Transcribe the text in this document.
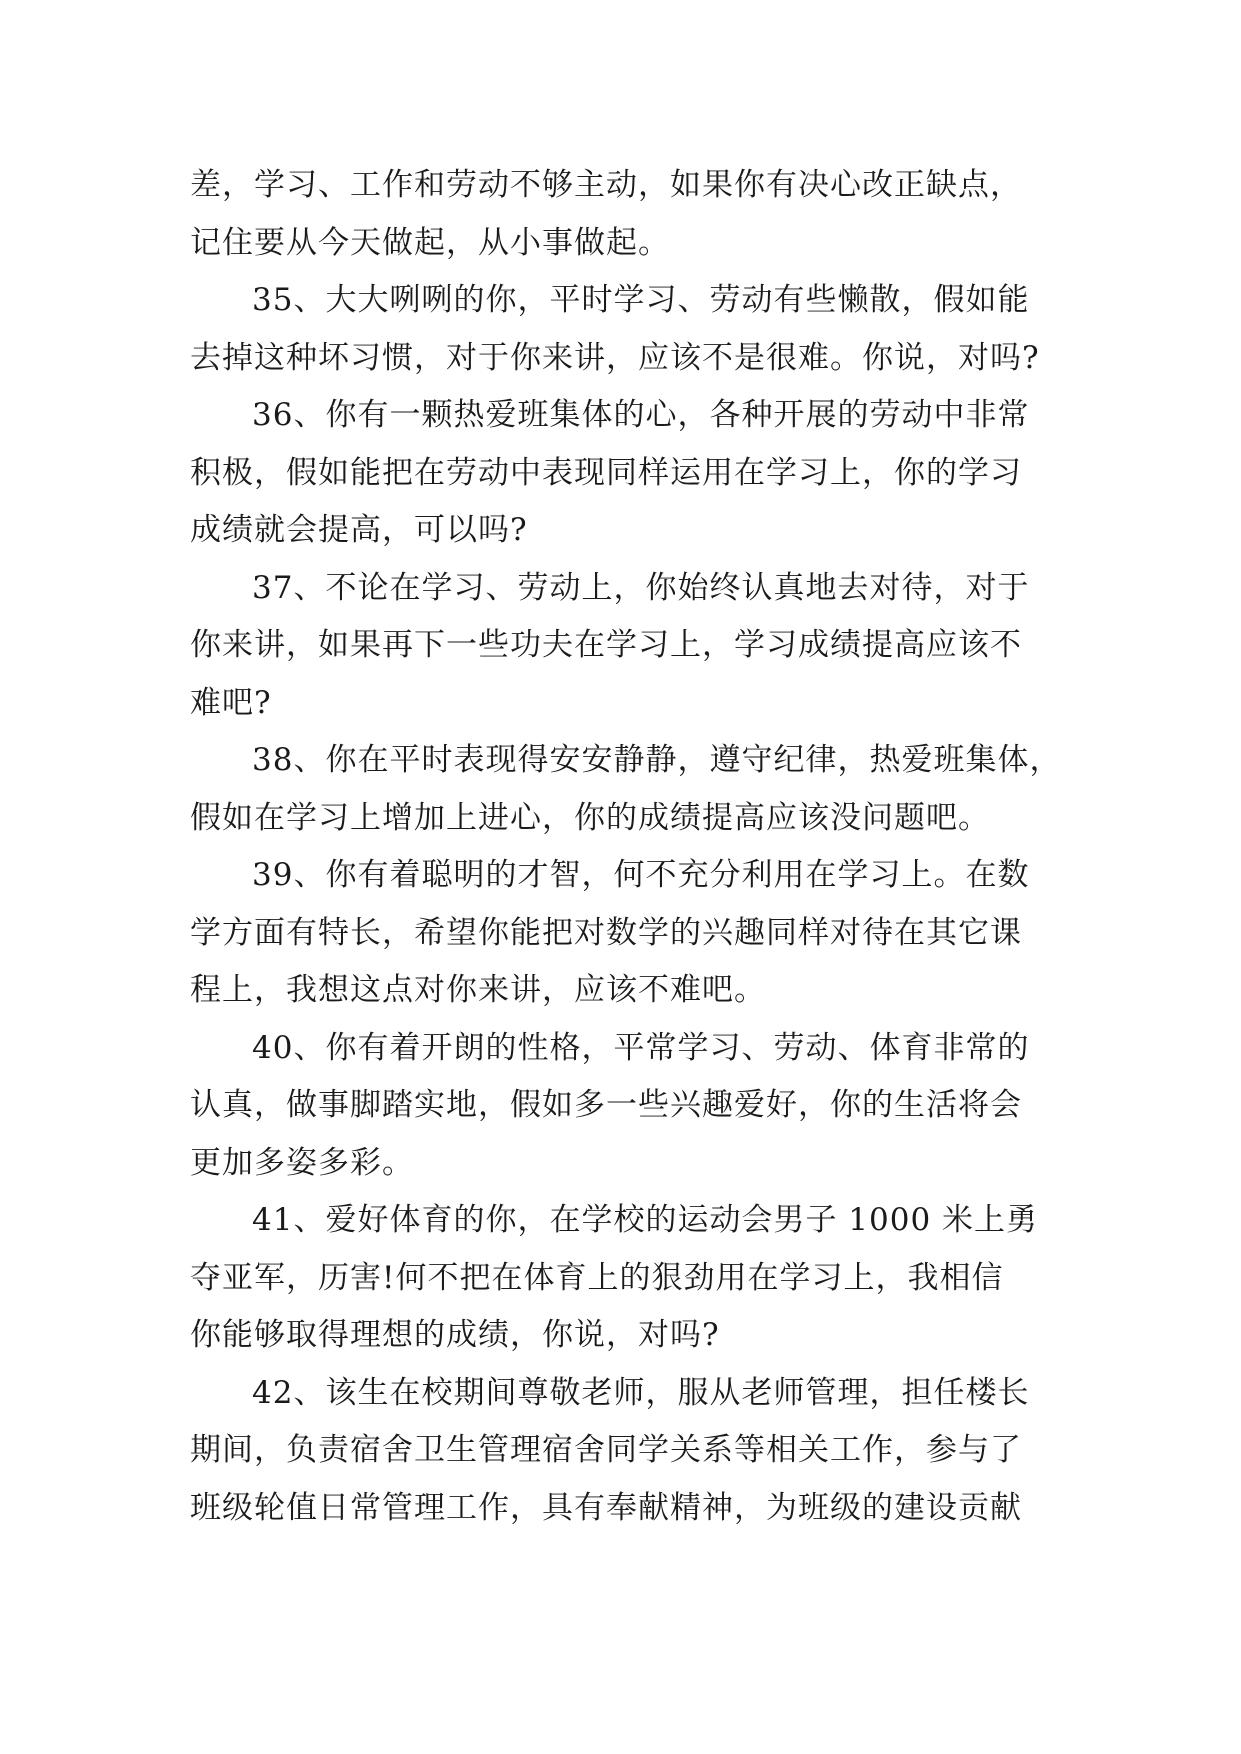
差，学习、工作和劳动不够主动，如果你有决心改正缺点，
记住要从今天做起，从小事做起。
35、大大咧咧的你，平时学习、劳动有些懒散，假如能
去掉这种坏习惯，对于你来讲，应该不是很难。你说，对吗?
36、你有一颗热爱班集体的心，各种开展的劳动中非常
积极，假如能把在劳动中表现同样运用在学习上，你的学习
成绩就会提高，可以吗?
37、不论在学习、劳动上，你始终认真地去对待，对于
你来讲，如果再下一些功夫在学习上，学习成绩提高应该不
难吧?
38、你在平时表现得安安静静，遵守纪律，热爱班集体，
假如在学习上增加上进心，你的成绩提高应该没问题吧。
39、你有着聪明的才智，何不充分利用在学习上。在数
学方面有特长，希望你能把对数学的兴趣同样对待在其它课
程上，我想这点对你来讲，应该不难吧。
40、你有着开朗的性格，平常学习、劳动、体育非常的
认真，做事脚踏实地，假如多一些兴趣爱好，你的生活将会
更加多姿多彩。
41、爱好体育的你，在学校的运动会男子 1000 米上勇
夺亚军，历害!何不把在体育上的狠劲用在学习上，我相信
你能够取得理想的成绩，你说，对吗?
42、该生在校期间尊敬老师，服从老师管理，担任楼长
期间，负责宿舍卫生管理宿舍同学关系等相关工作，参与了
班级轮值日常管理工作，具有奉献精神，为班级的建设贡献
